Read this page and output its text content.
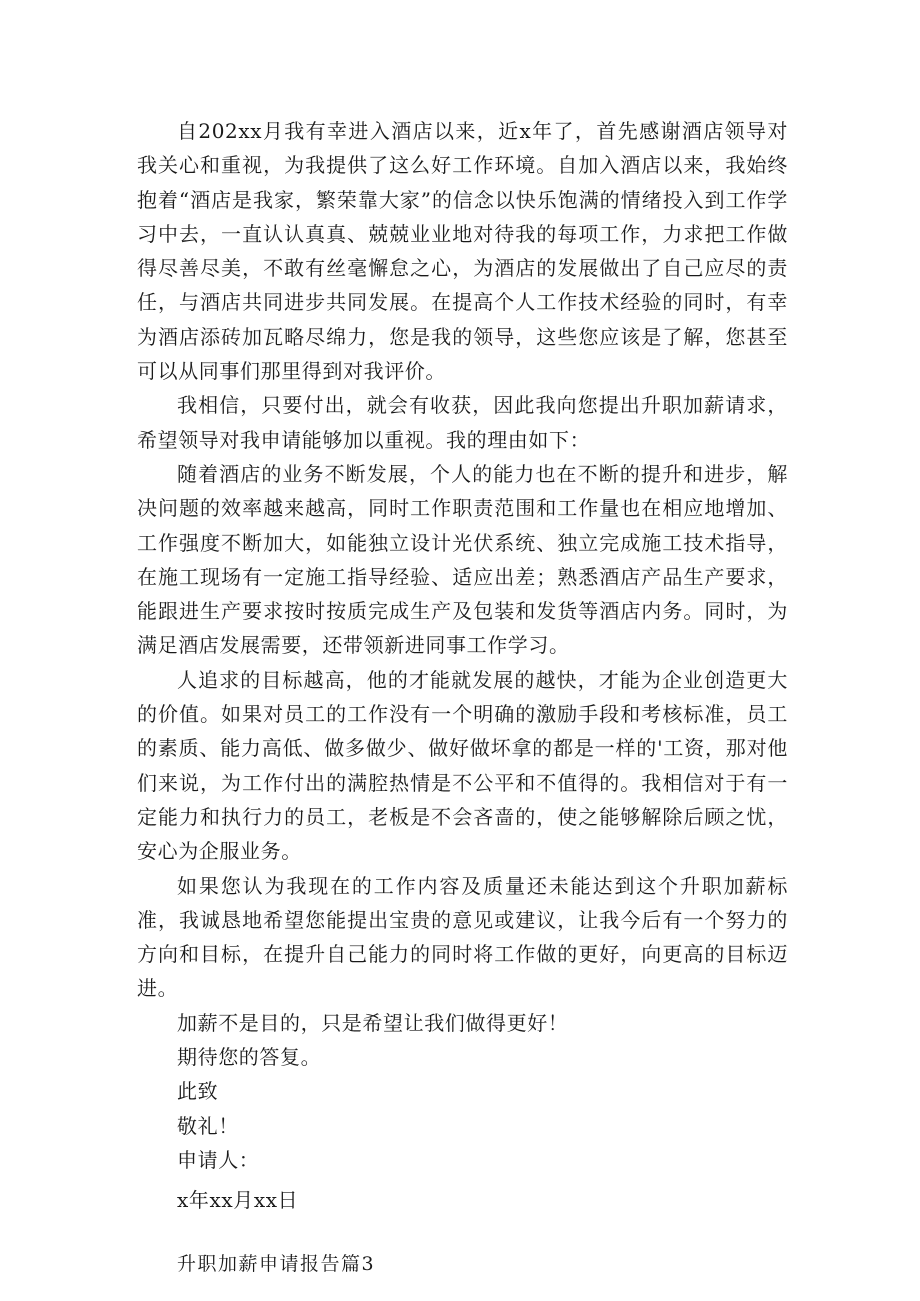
自202xx月我有幸进入酒店以来，近x年了，首先感谢酒店领导对我关心和重视，为我提供了这么好工作环境。自加入酒店以来，我始终抱着“酒店是我家，繁荣靠大家”的信念以快乐饱满的情绪投入到工作学习中去，一直认认真真、兢兢业业地对待我的每项工作，力求把工作做得尽善尽美，不敢有丝毫懈怠之心，为酒店的发展做出了自己应尽的责任，与酒店共同进步共同发展。在提高个人工作技术经验的同时，有幸为酒店添砖加瓦略尽绵力，您是我的领导，这些您应该是了解，您甚至可以从同事们那里得到对我评价。

我相信，只要付出，就会有收获，因此我向您提出升职加薪请求，希望领导对我申请能够加以重视。我的理由如下：

随着酒店的业务不断发展，个人的能力也在不断的提升和进步，解决问题的效率越来越高，同时工作职责范围和工作量也在相应地增加、工作强度不断加大，如能独立设计光伏系统、独立完成施工技术指导，在施工现场有一定施工指导经验、适应出差；熟悉酒店产品生产要求，能跟进生产要求按时按质完成生产及包装和发货等酒店内务。同时，为满足酒店发展需要，还带领新进同事工作学习。

人追求的目标越高，他的才能就发展的越快，才能为企业创造更大的价值。如果对员工的工作没有一个明确的激励手段和考核标准，员工的素质、能力高低、做多做少、做好做坏拿的都是一样的'工资，那对他们来说，为工作付出的满腔热情是不公平和不值得的。我相信对于有一定能力和执行力的员工，老板是不会吝啬的，使之能够解除后顾之忧，安心为企服业务。

如果您认为我现在的工作内容及质量还未能达到这个升职加薪标准，我诚恳地希望您能提出宝贵的意见或建议，让我今后有一个努力的方向和目标，在提升自己能力的同时将工作做的更好，向更高的目标迈进。

加薪不是目的，只是希望让我们做得更好！

期待您的答复。

此致

敬礼！

申请人：

x年xx月xx日

升职加薪申请报告篇3
